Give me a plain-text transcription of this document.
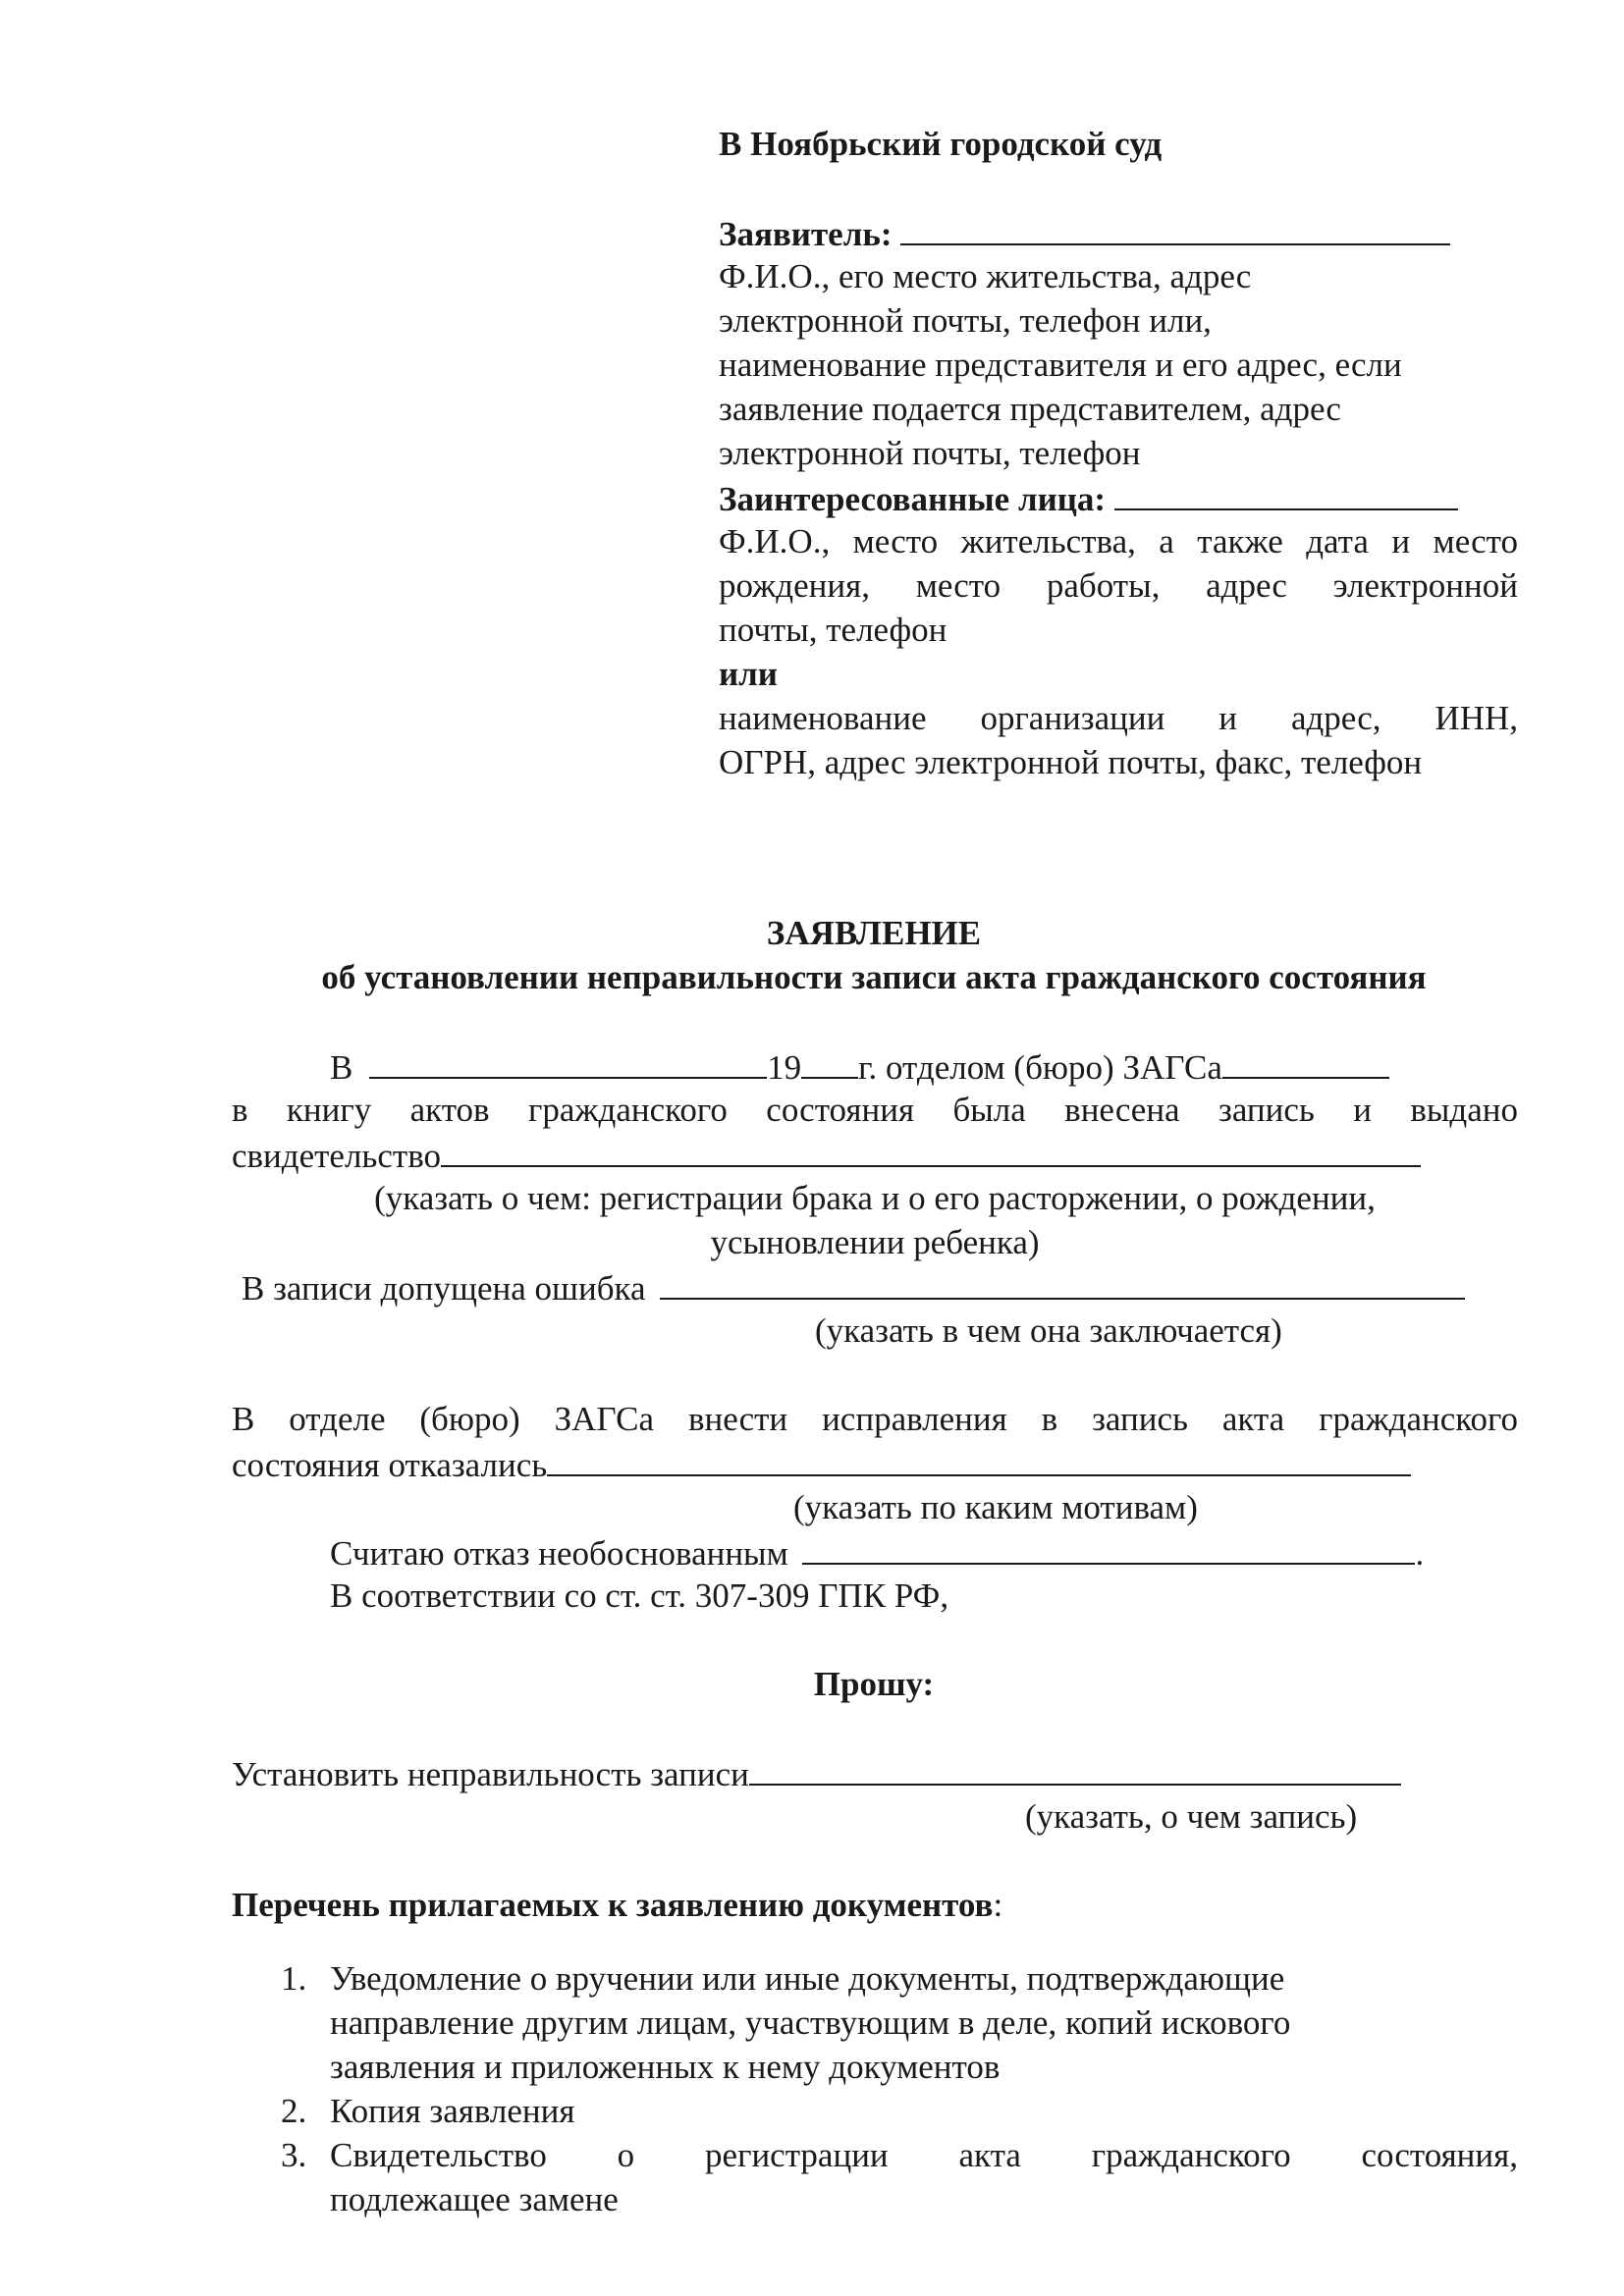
В Ноябрьский городской суд
Заявитель:
Ф.И.О., его место жительства, адрес
электронной почты, телефон или,
наименование представителя и его адрес, если
заявление подается представителем, адрес
электронной почты, телефон
Заинтересованные лица:
Ф.И.О., место жительства, а также дата и место
рождения, место работы, адрес электронной
почты, телефон
или
наименование организации и адрес, ИНН,
ОГРН, адрес электронной почты, факс, телефон
ЗАЯВЛЕНИЕ
об установлении неправильности записи акта гражданского состояния
В	19 г. отделом (бюро) ЗАГСа
в книгу актов гражданского состояния была внесена запись и выдано
свидетельство
(указать о чем: регистрации брака и о его расторжении, о рождении,
усыновлении ребенка)
В записи допущена ошибка
(указать в чем она заключается)
В отделе (бюро) ЗАГСа внести исправления в запись акта гражданского
состояния отказались
(указать по каким мотивам)
Считаю отказ необоснованным	.
В соответствии со ст. ст. 307-309 ГПК РФ,
Прошу:
Установить неправильность записи
(указать, о чем запись)
Перечень прилагаемых к заявлению документов:
1. Уведомление о вручении или иные документы, подтверждающие
направление другим лицам, участвующим в деле, копий искового
заявления и приложенных к нему документов
2. Копия заявления
3. Свидетельство о регистрации акта гражданского состояния,
подлежащее замене
